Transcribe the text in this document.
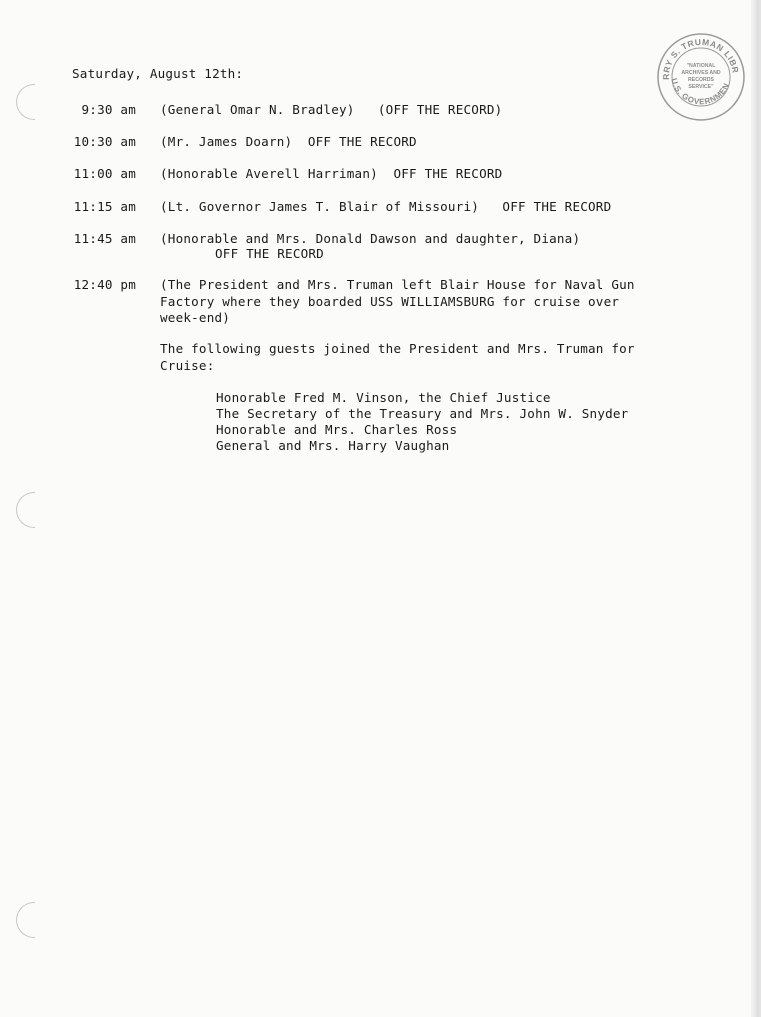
Saturday, August 12th:
9:30 am (General Omar N. Bradley)   (OFF THE RECORD)
10:30 am (Mr. James Doarn)  OFF THE RECORD
11:00 am (Honorable Averell Harriman)  OFF THE RECORD
11:15 am (Lt. Governor James T. Blair of Missouri)   OFF THE RECORD
11:45 am (Honorable and Mrs. Donald Dawson and daughter, Diana)
OFF THE RECORD
12:40 pm (The President and Mrs. Truman left Blair House for Naval Gun Factory where they boarded USS WILLIAMSBURG for cruise over week-end)
The following guests joined the President and Mrs. Truman for Cruise:
Honorable Fred M. Vinson, the Chief Justice
The Secretary of the Treasury and Mrs. John W. Snyder
Honorable and Mrs. Charles Ross
General and Mrs. Harry Vaughan
RRY S. TRUMAN LIBR
U.S. GOVERNMEN
"NATIONAL
ARCHIVES AND
RECORDS
SERVICE"
